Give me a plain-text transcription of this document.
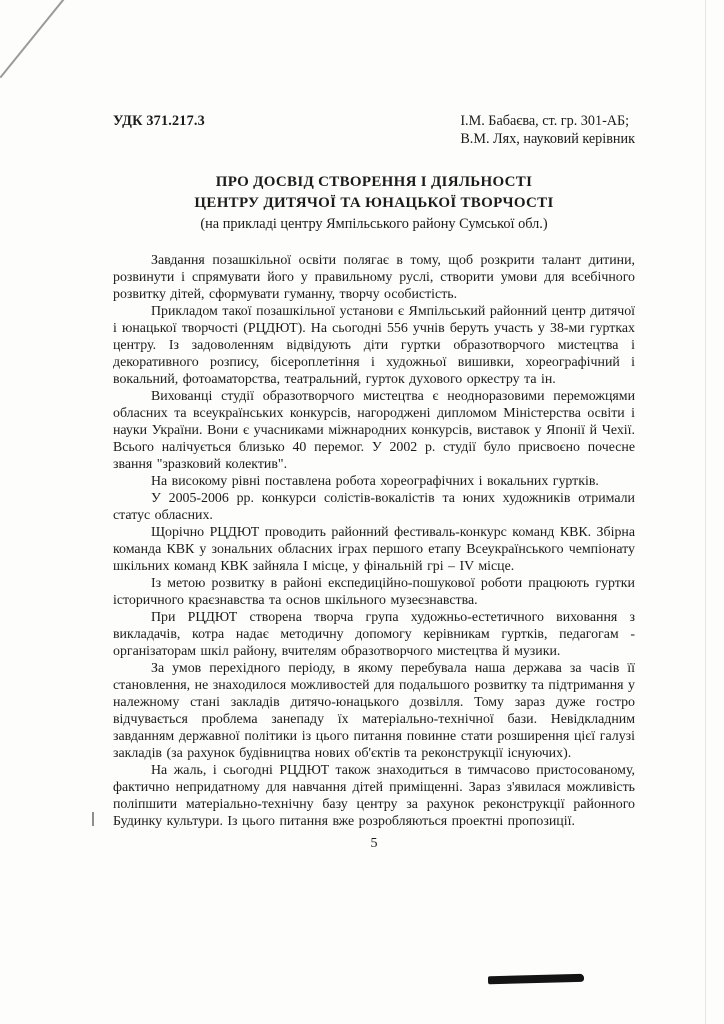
УДК 371.217.3	І.М. Бабаєва, ст. гр. 301-АБ;
В.М. Лях, науковий керівник
ПРО ДОСВІД СТВОРЕННЯ І ДІЯЛЬНОСТІ
ЦЕНТРУ ДИТЯЧОЇ ТА ЮНАЦЬКОЇ ТВОРЧОСТІ
(на прикладі центру Ямпільського району Сумської обл.)

Завдання позашкільної освіти полягає в тому, щоб розкрити талант дитини, розвинути і спрямувати його у правильному руслі, створити умови для всебічного розвитку дітей, сформувати гуманну, творчу особистість.

Прикладом такої позашкільної установи є Ямпільський районний центр дитячої і юнацької творчості (РЦДЮТ). На сьогодні 556 учнів беруть участь у 38-ми гуртках центру. Із задоволенням відвідують діти гуртки образотворчого мистецтва і декоративного розпису, бісероплетіння і художньої вишивки, хореографічний і вокальний, фотоаматорства, театральний, гурток духового оркестру та ін.

Вихованці студії образотворчого мистецтва є неодноразовими переможцями обласних та всеукраїнських конкурсів, нагороджені дипломом Міністерства освіти і науки України. Вони є учасниками міжнародних конкурсів, виставок у Японії й Чехії. Всього налічується близько 40 перемог. У 2002 р. студії було присвоєно почесне звання "зразковий колектив".

На високому рівні поставлена робота хореографічних і вокальних гуртків.

У 2005-2006 рр. конкурси солістів-вокалістів та юних художників отримали статус обласних.

Щорічно РЦДЮТ проводить районний фестиваль-конкурс команд КВК. Збірна команда КВК у зональних обласних іграх першого етапу Всеукраїнського чемпіонату шкільних команд КВК зайняла І місце, у фінальній грі – IV місце.

Із метою розвитку в районі експедиційно-пошукової роботи працюють гуртки історичного краєзнавства та основ шкільного музеєзнавства.

При РЦДЮТ створена творча група художньо-естетичного виховання з викладачів, котра надає методичну допомогу керівникам гуртків, педагогам - організаторам шкіл району, вчителям образотворчого мистецтва й музики.

За умов перехідного періоду, в якому перебувала наша держава за часів її становлення, не знаходилося можливостей для подальшого розвитку та підтримання у належному стані закладів дитячо-юнацького дозвілля. Тому зараз дуже гостро відчувається проблема занепаду їх матеріально-технічної бази. Невідкладним завданням державної політики із цього питання повинне стати розширення цієї галузі закладів (за рахунок будівництва нових об'єктів та реконструкції існуючих).

На жаль, і сьогодні РЦДЮТ також знаходиться в тимчасово пристосованому, фактично непридатному для навчання дітей приміщенні. Зараз з'явилася можливість поліпшити матеріально-технічну базу центру за рахунок реконструкції районного Будинку культури. Із цього питання вже розробляються проектні пропозиції.

5
